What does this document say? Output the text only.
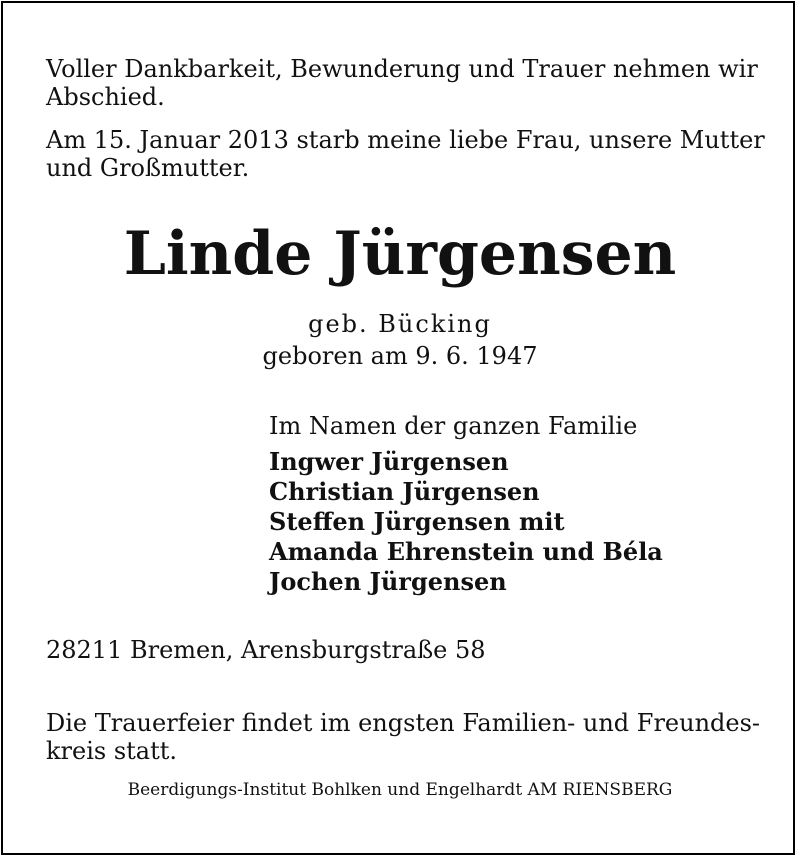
Voller Dankbarkeit, Bewunderung und Trauer nehmen wir

Abschied.

Am 15. Januar 2013 starb meine liebe Frau, unsere Mutter

und Großmutter.

Linde Jürgensen

geb. Bücking

geboren am 9. 6. 1947

Im Namen der ganzen Familie

Ingwer Jürgensen

Christian Jürgensen

Steffen Jürgensen mit

Amanda Ehrenstein und Béla

Jochen Jürgensen

28211 Bremen, Arensburgstraße 58

Die Trauerfeier findet im engsten Familien- und Freundes-

kreis statt.

Beerdigungs-Institut Bohlken und Engelhardt AM RIENSBERG
